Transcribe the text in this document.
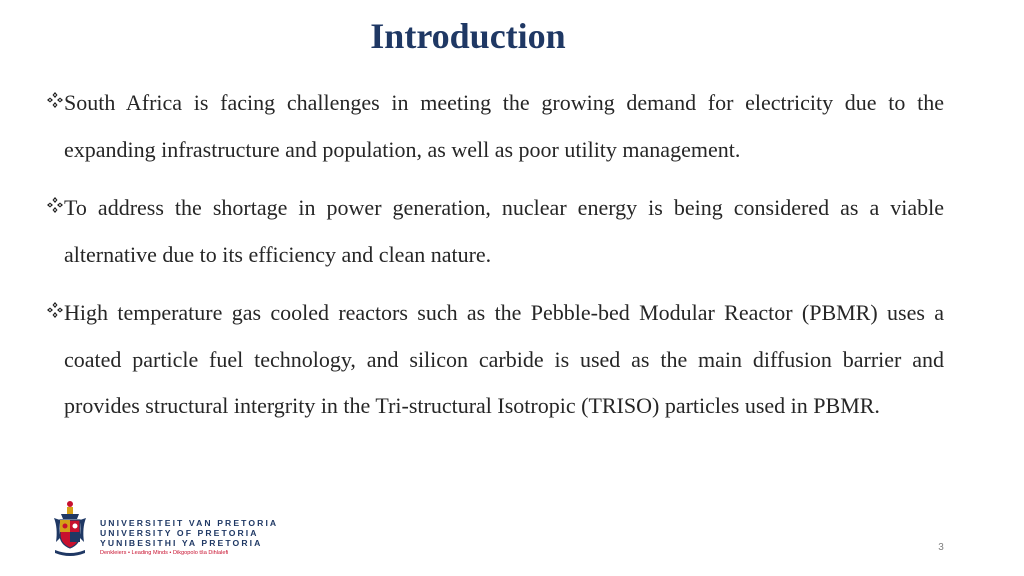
Introduction
South Africa is facing challenges in meeting the growing demand for electricity due to the expanding infrastructure and population, as well as poor utility management.
To address the shortage in power generation, nuclear energy is being considered as a viable alternative due to its efficiency and clean nature.
High temperature gas cooled reactors such as the Pebble-bed Modular Reactor (PBMR) uses a coated particle fuel technology, and silicon carbide is used as the main diffusion barrier and provides structural intergrity in the Tri-structural Isotropic (TRISO) particles used in PBMR.
UNIVERSITEIT VAN PRETORIA
UNIVERSITY OF PRETORIA
YUNIBESITHI YA PRETORIA
Denkleiers • Leading Minds • Dikgopolo tša Dihlalefi	3
